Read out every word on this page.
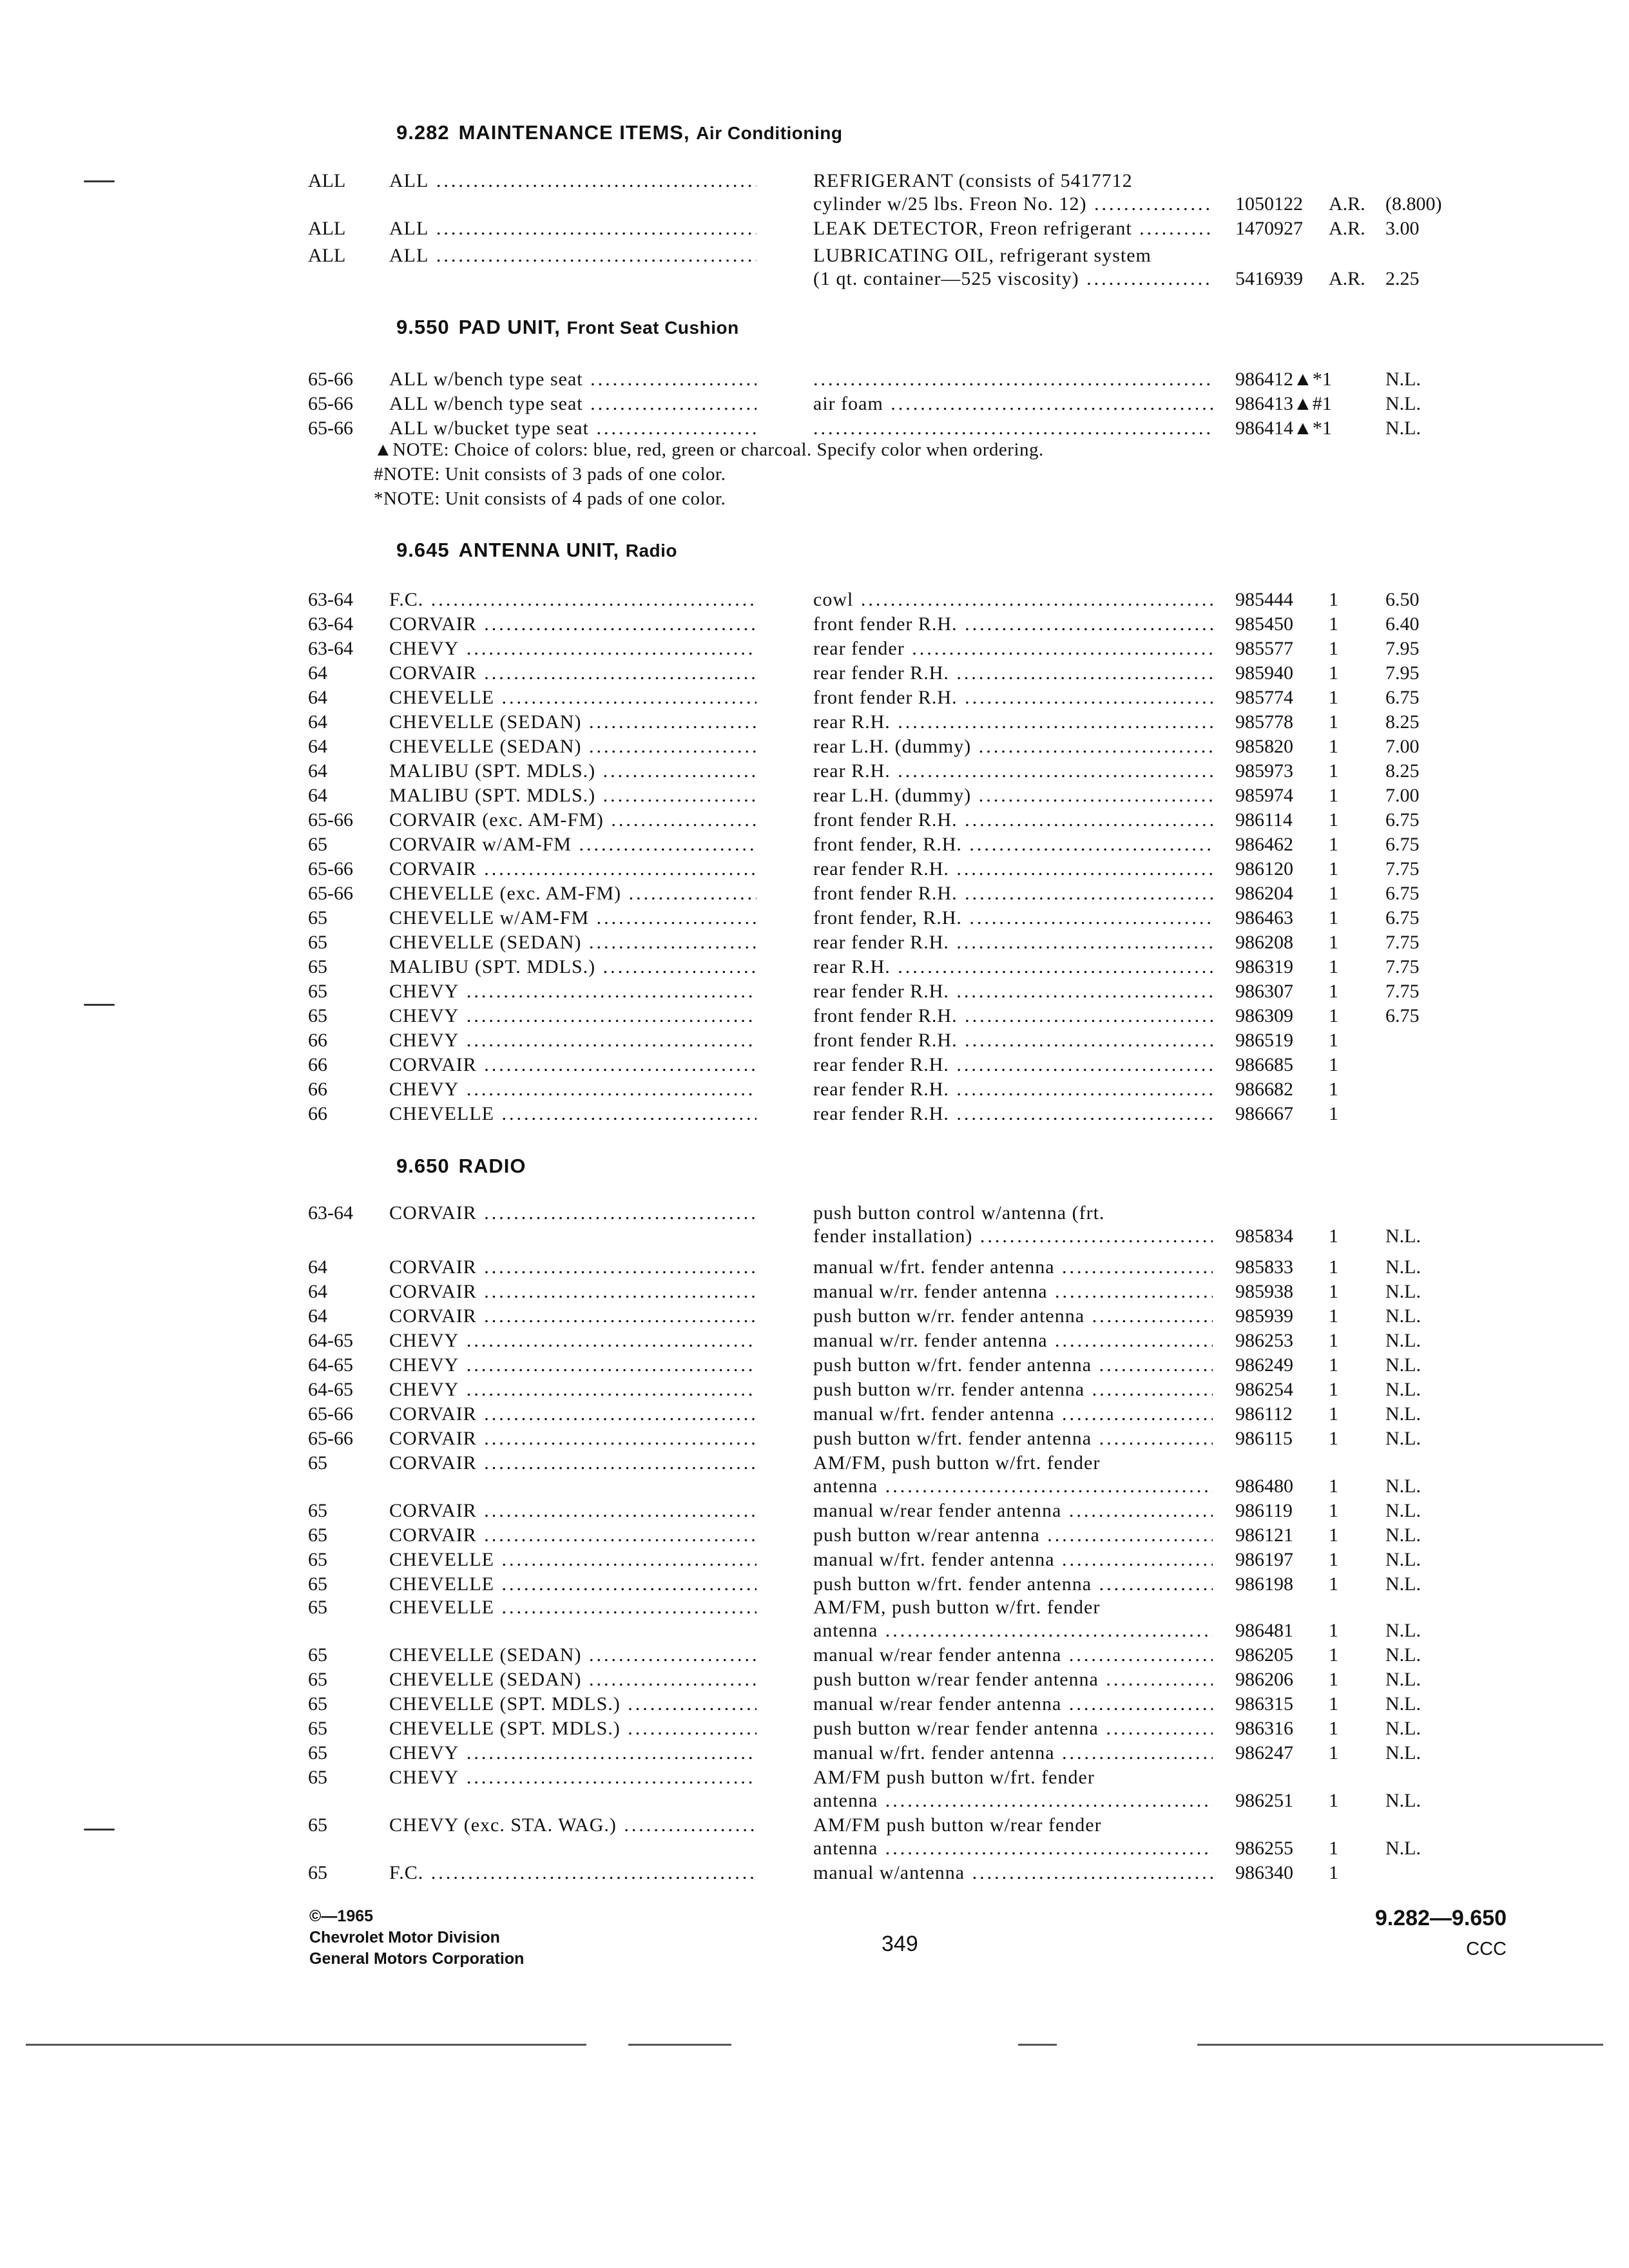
9.282 MAINTENANCE ITEMS, Air Conditioning
ALL ALL .....	REFRIGERANT (consists of 5417712
cylinder w/25 lbs. Freon No. 12) .....	1050122 A.R. (8.800)
ALL ALL .....	LEAK DETECTOR, Freon refrigerant .....	1470927 A.R. 3.00
ALL ALL .....	LUBRICATING OIL, refrigerant system
(1 qt. container—525 viscosity) .....	5416939 A.R. 2.25
9.550 PAD UNIT, Front Seat Cushion
65-66 ALL w/bench type seat ..... .....	986412▲*1	N.L.
65-66 ALL w/bench type seat .....	air foam .....	986413▲#1	N.L.
65-66 ALL w/bucket type seat ..... .....	986414▲*1	N.L.
▲NOTE: Choice of colors: blue, red, green or charcoal. Specify color when ordering.
#NOTE: Unit consists of 3 pads of one color.
*NOTE: Unit consists of 4 pads of one color.
9.645 ANTENNA UNIT, Radio
63-64 F.C. .....	cowl .....	985444 1 6.50
63-64 CORVAIR .....	front fender R.H. .....	985450 1 6.40
63-64 CHEVY .....	rear fender .....	985577 1 7.95
64	CORVAIR .....	rear fender R.H. .....	985940 1 7.95
64	CHEVELLE .....	front fender R.H. .....	985774 1 6.75
64	CHEVELLE (SEDAN) .....	rear R.H. .....	985778 1 8.25
64	CHEVELLE (SEDAN) .....	rear L.H. (dummy) .....	985820 1 7.00
64	MALIBU (SPT. MDLS.) .....	rear R.H. .....	985973 1 8.25
64	MALIBU (SPT. MDLS.) .....	rear L.H. (dummy) .....	985974 1 7.00
65-66 CORVAIR (exc. AM-FM) .....	front fender R.H. .....	986114 1 6.75
65	CORVAIR w/AM-FM .....	front fender, R.H. .....	986462 1 6.75
65-66 CORVAIR .....	rear fender R.H. .....	986120 1 7.75
65-66 CHEVELLE (exc. AM-FM) .....	front fender R.H. .....	986204 1 6.75
65	CHEVELLE w/AM-FM .....	front fender, R.H. .....	986463 1 6.75
65	CHEVELLE (SEDAN) .....	rear fender R.H. .....	986208 1 7.75
65	MALIBU (SPT. MDLS.) .....	rear R.H. .....	986319 1 7.75
65	CHEVY .....	rear fender R.H. .....	986307 1 7.75
65	CHEVY .....	front fender R.H. .....	986309 1 6.75
66	CHEVY .....	front fender R.H. .....	986519 1
66	CORVAIR .....	rear fender R.H. .....	986685 1
66	CHEVY .....	rear fender R.H. .....	986682 1
66	CHEVELLE .....	rear fender R.H. .....	986667 1
9.650 RADIO
63-64 CORVAIR .....	push button control w/antenna (frt.
fender installation) .....	985834 1 N.L.
64	CORVAIR .....	manual w/frt. fender antenna .....	985833 1 N.L.
64	CORVAIR .....	manual w/rr. fender antenna .....	985938 1 N.L.
64	CORVAIR .....	push button w/rr. fender antenna .....	985939 1 N.L.
64-65 CHEVY .....	manual w/rr. fender antenna .....	986253 1 N.L.
64-65 CHEVY .....	push button w/frt. fender antenna .....	986249 1 N.L.
64-65 CHEVY .....	push button w/rr. fender antenna .....	986254 1 N.L.
65-66 CORVAIR .....	manual w/frt. fender antenna .....	986112 1 N.L.
65-66 CORVAIR .....	push button w/frt. fender antenna .....	986115 1 N.L.
65	CORVAIR .....	AM/FM, push button w/frt. fender
antenna .....	986480 1 N.L.
65	CORVAIR .....	manual w/rear fender antenna .....	986119 1 N.L.
65	CORVAIR .....	push button w/rear antenna .....	986121 1 N.L.
65	CHEVELLE .....	manual w/frt. fender antenna .....	986197 1 N.L.
65	CHEVELLE .....	push button w/frt. fender antenna .....	986198 1 N.L.
65	CHEVELLE .....	AM/FM, push button w/frt. fender
antenna .....	986481 1 N.L.
65	CHEVELLE (SEDAN) .....	manual w/rear fender antenna .....	986205 1 N.L.
65	CHEVELLE (SEDAN) .....	push button w/rear fender antenna .....	986206 1 N.L.
65	CHEVELLE (SPT. MDLS.) .....	manual w/rear fender antenna .....	986315 1 N.L.
65	CHEVELLE (SPT. MDLS.) .....	push button w/rear fender antenna .....	986316 1 N.L.
65	CHEVY .....	manual w/frt. fender antenna .....	986247 1 N.L.
65	CHEVY .....	AM/FM push button w/frt. fender
antenna .....	986251 1 N.L.
65	CHEVY (exc. STA. WAG.) .....	AM/FM push button w/rear fender
antenna .....	986255 1 N.L.
65	F.C. .....	manual w/antenna .....	986340 1
©—1965
Chevrolet Motor Division
General Motors Corporation
349
9.282—9.650
CCC
